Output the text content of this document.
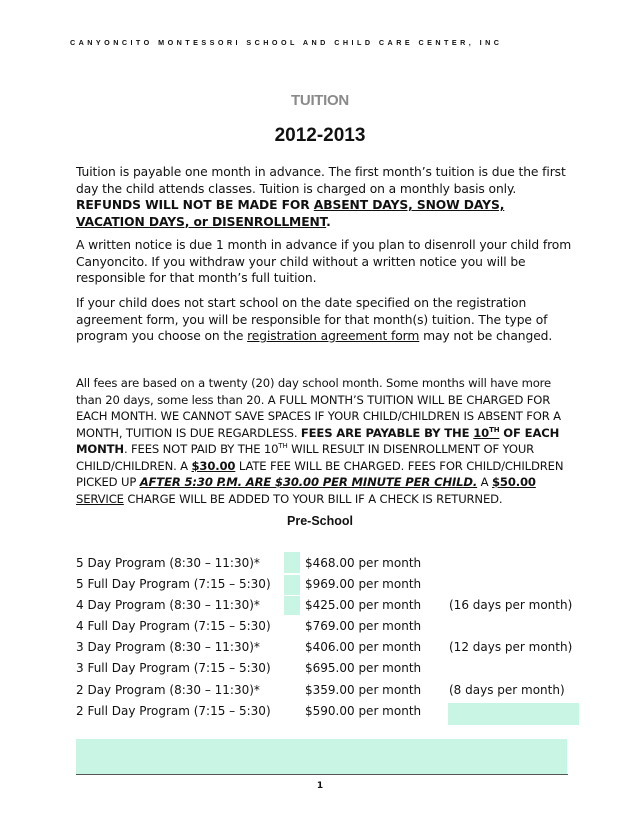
CANYONCITO MONTESSORI SCHOOL AND CHILD CARE CENTER, INC
TUITION
2012-2013
Tuition is payable one month in advance. The first month’s tuition is due the first day the child attends classes. Tuition is charged on a monthly basis only. REFUNDS WILL NOT BE MADE FOR ABSENT DAYS, SNOW DAYS, VACATION DAYS, or DISENROLLMENT.
A written notice is due 1 month in advance if you plan to disenroll your child from Canyoncito. If you withdraw your child without a written notice you will be responsible for that month’s full tuition.
If your child does not start school on the date specified on the registration agreement form, you will be responsible for that month(s) tuition. The type of program you choose on the registration agreement form may not be changed.
All fees are based on a twenty (20) day school month. Some months will have more than 20 days, some less than 20. A FULL MONTH’S TUITION WILL BE CHARGED FOR EACH MONTH. WE CANNOT SAVE SPACES IF YOUR CHILD/CHILDREN IS ABSENT FOR A MONTH, TUITION IS DUE REGARDLESS. FEES ARE PAYABLE BY THE 10TH OF EACH MONTH. FEES NOT PAID BY THE 10TH WILL RESULT IN DISENROLLMENT OF YOUR CHILD/CHILDREN. A $30.00 LATE FEE WILL BE CHARGED. FEES FOR CHILD/CHILDREN PICKED UP AFTER 5:30 P.M. ARE $30.00 PER MINUTE PER CHILD. A $50.00 SERVICE CHARGE WILL BE ADDED TO YOUR BILL IF A CHECK IS RETURNED.
Pre-School
5 Day Program (8:30 – 11:30)*	$468.00 per month
5 Full Day Program (7:15 – 5:30)	$969.00 per month
4 Day Program (8:30 – 11:30)*	$425.00 per month (16 days per month)
4 Full Day Program (7:15 – 5:30)	$769.00 per month
3 Day Program (8:30 – 11:30)*	$406.00 per month (12 days per month)
3 Full Day Program (7:15 – 5:30)	$695.00 per month
2 Day Program (8:30 – 11:30)*	$359.00 per month (8 days per month)
2 Full Day Program (7:15 – 5:30)	$590.00 per month
1
